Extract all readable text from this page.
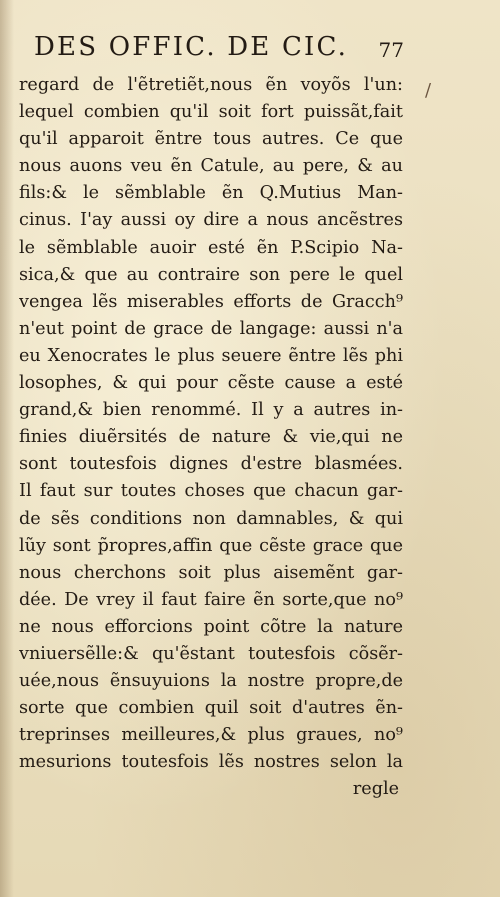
DES OFFIC. DE CIC. 77
/
regard de l'ẽtretiẽt,nous ẽn voyõs l'un:
lequel combien qu'il soit fort puissãt,fait
qu'il apparoit ẽntre tous autres. Ce que
nous auons veu ẽn Catule, au pere, & au
fils:& le sẽmblable ẽn Q.Mutius Man-
cinus. I'ay aussi oy dire a nous ancẽstres
le sẽmblable auoir esté ẽn P.Scipio Na-
sica,& que au contraire son pere le quel
vengea lẽs miserables efforts de Gracch⁹
n'eut point de grace de langage: aussi n'a
eu Xenocrates le plus seuere ẽntre lẽs phi
losophes, & qui pour cẽste cause a esté
grand,& bien renommé. Il y a autres in-
finies diuẽrsités de nature & vie,qui ne
sont toutesfois dignes d'estre blasmées.
Il faut sur toutes choses que chacun gar-
de sẽs conditions non damnables, & qui
lũy sont p̃ropres,affin que cẽste grace que
nous cherchons soit plus aisemẽnt gar-
dée. De vrey il faut faire ẽn sorte,que no⁹
ne nous efforcions point cõtre la nature
vniuersẽlle:& qu'ẽstant toutesfois cõsẽr-
uée,nous ẽnsuyuions la nostre propre,de
sorte que combien quil soit d'autres ẽn-
treprinses meilleures,& plus graues, no⁹
mesurions toutesfois lẽs nostres selon la
regle
